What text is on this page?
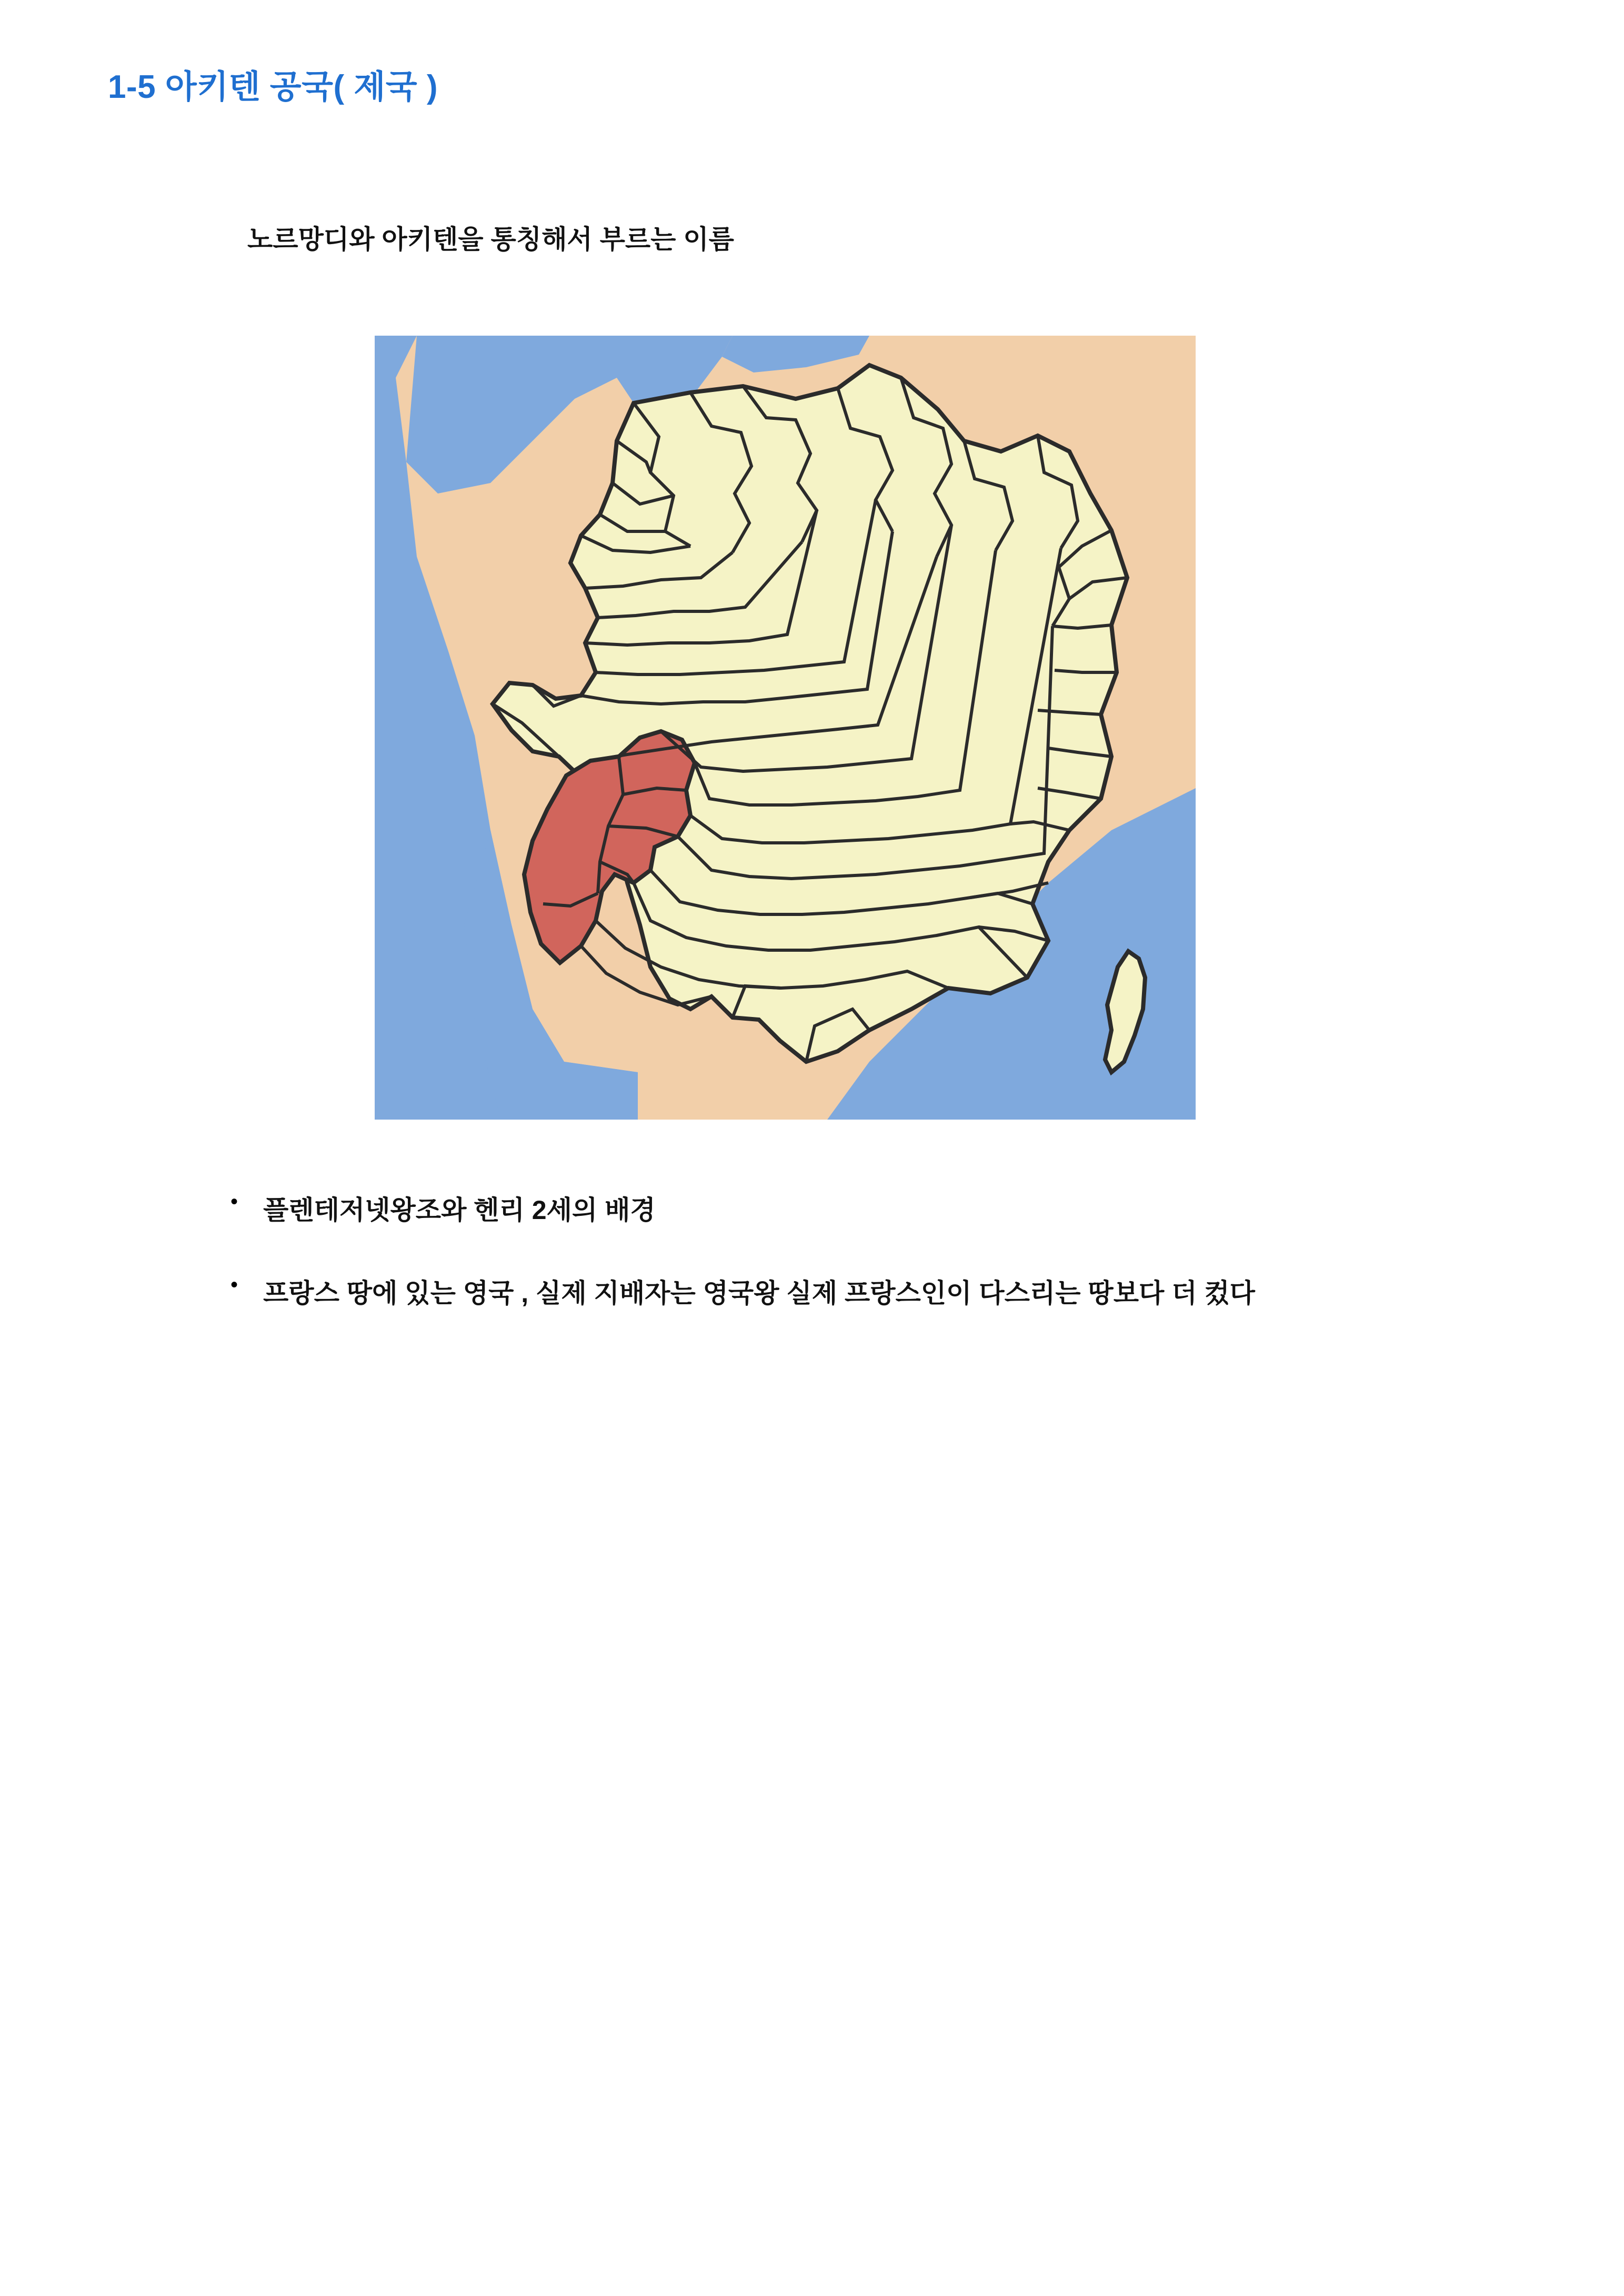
1-5 아키텐 공국( 제국 )
노르망디와 아키텐을 통칭해서 부르는 이름
• 플렌테저넷왕조와 헨리 2세의 배경
• 프랑스 땅에 있는 영국 , 실제 지배자는 영국왕 실제 프랑스인이 다스리는 땅보다 더 컸다
